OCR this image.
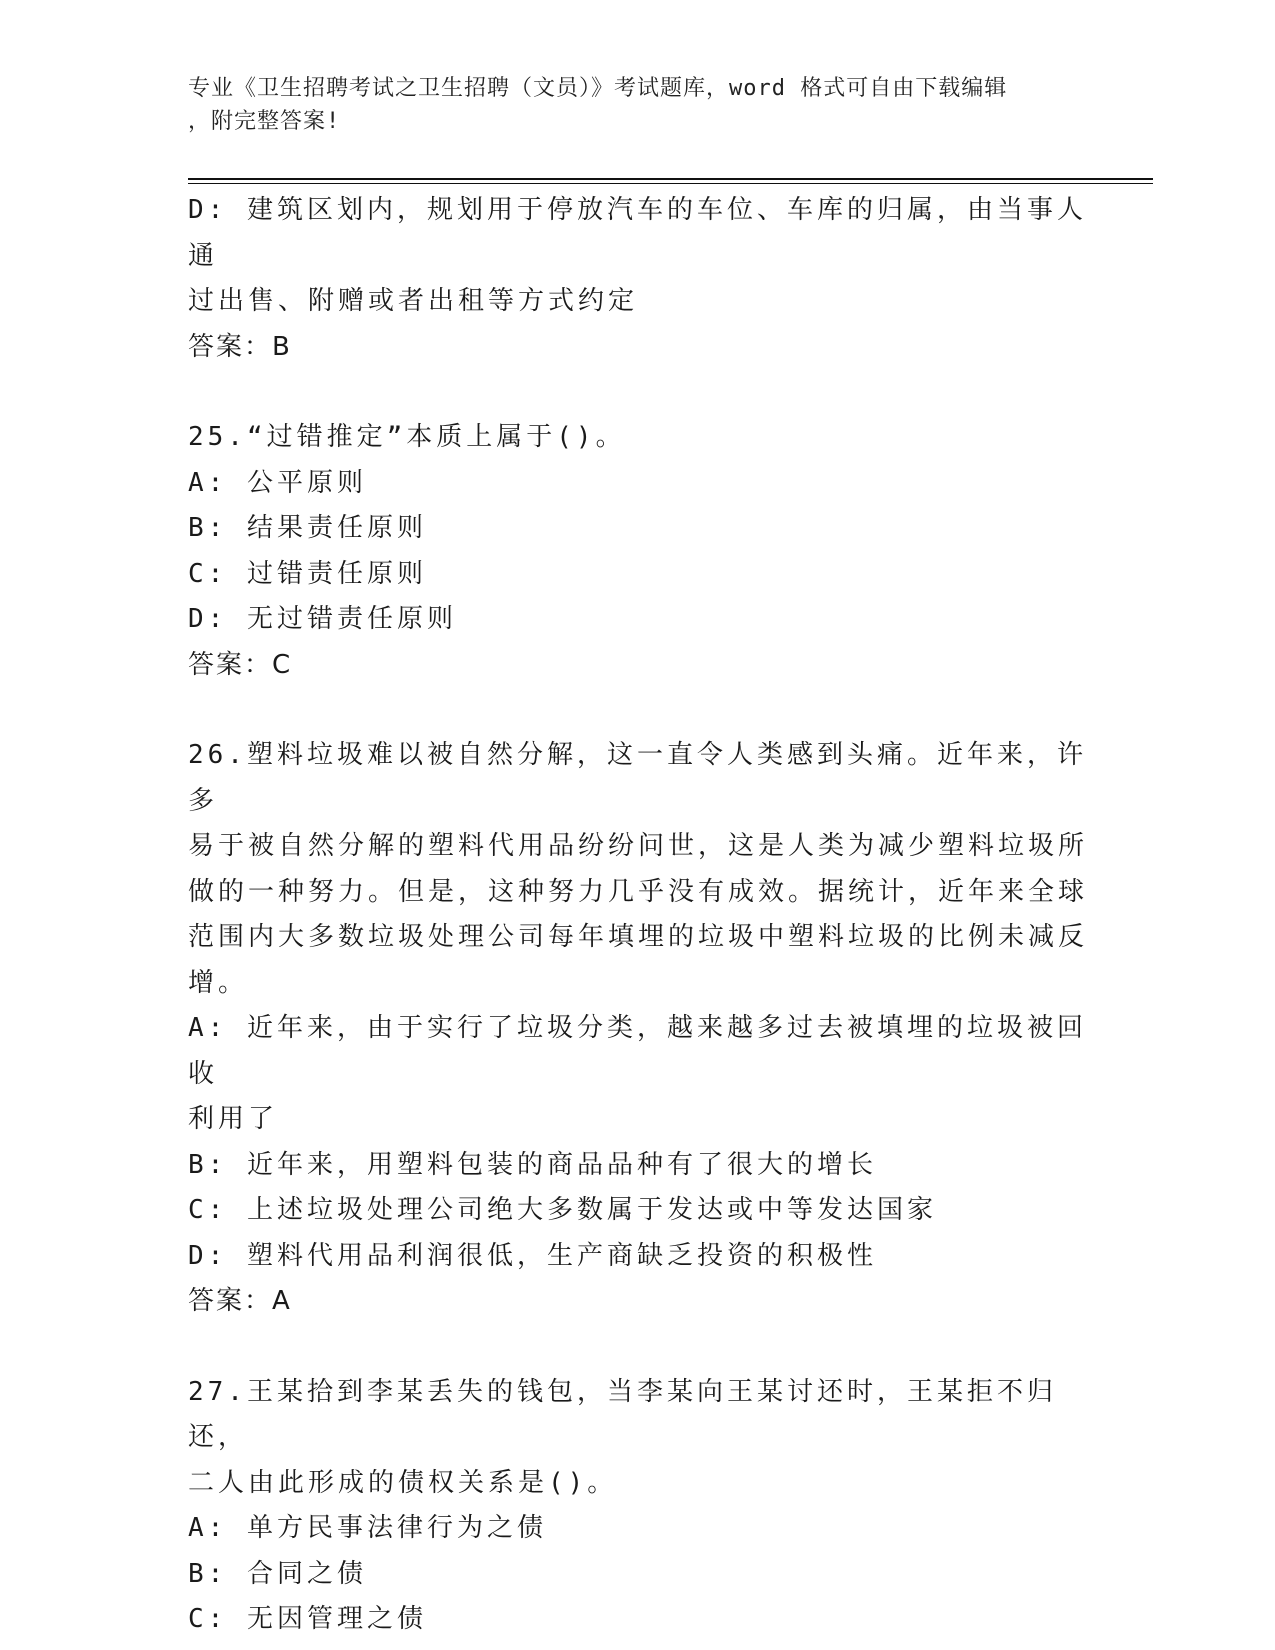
专业《卫生招聘考试之卫生招聘（文员）》考试题库，word 格式可自由下载编辑
，附完整答案!
D: 建筑区划内，规划用于停放汽车的车位、车库的归属，由当事人通
过出售、附赠或者出租等方式约定
答案：B
25.“过错推定”本质上属于()。
A: 公平原则
B: 结果责任原则
C: 过错责任原则
D: 无过错责任原则
答案：C
26.塑料垃圾难以被自然分解，这一直令人类感到头痛。近年来，许多
易于被自然分解的塑料代用品纷纷问世，这是人类为减少塑料垃圾所
做的一种努力。但是，这种努力几乎没有成效。据统计，近年来全球
范围内大多数垃圾处理公司每年填埋的垃圾中塑料垃圾的比例未减反
增。
A: 近年来，由于实行了垃圾分类，越来越多过去被填埋的垃圾被回收
利用了
B: 近年来，用塑料包装的商品品种有了很大的增长
C: 上述垃圾处理公司绝大多数属于发达或中等发达国家
D: 塑料代用品利润很低，生产商缺乏投资的积极性
答案：A
27.王某拾到李某丢失的钱包，当李某向王某讨还时，王某拒不归还，
二人由此形成的债权关系是()。
A: 单方民事法律行为之债
B: 合同之债
C: 无因管理之债
